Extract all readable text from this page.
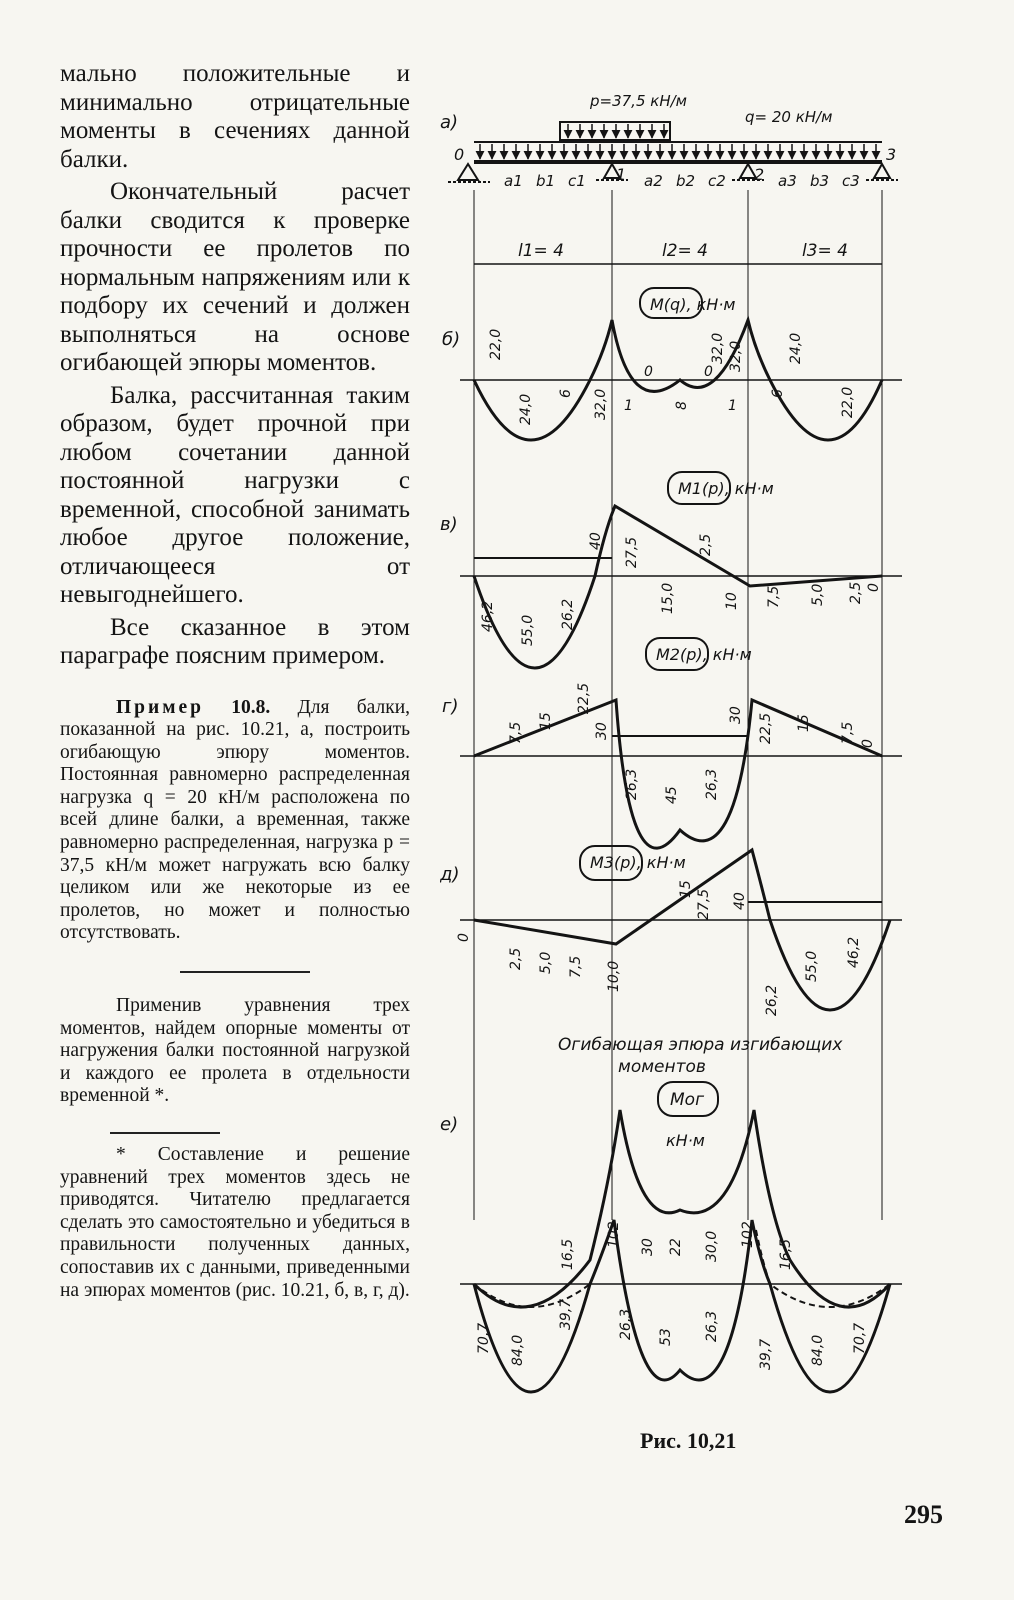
мально положительные и минимально отрицательные моменты в сечениях данной балки.

Окончательный расчет балки сводится к проверке прочности ее пролетов по нормальным напряжениям или к подбору их сечений и должен выполняться на основе огибающей эпюры моментов.

Балка, рассчитанная таким образом, будет прочной при любом сочетании данной постоянной нагрузки с временной, способной занимать любое другое положение, отличающееся от невыгоднейшего.

Все сказанное в этом параграфе поясним примером.

Пример 10.8. Для балки, показанной на рис. 10.21, а, построить огибающую эпюру моментов. Постоянная равномерно распределенная нагрузка q = 20 кН/м расположена по всей длине балки, а временная, также равномерно распределенная, нагрузка p = 37,5 кН/м может нагружать всю балку целиком или же некоторые из ее пролетов, но может и полностью отсутствовать.

Применив уравнения трех моментов, найдем опорные моменты от нагружения балки постоянной нагрузкой и каждого ее пролета в отдельности временной *.

* Составление и решение уравнений трех моментов здесь не приводятся. Читателю предлагается сделать это самостоятельно и убедиться в правильности полученных данных, сопоставив их с данными, приведенными на эпюрах моментов (рис. 10.21, б, в, г, д).

а)
p=37,5 кН/м
q= 20 кН/м
0
1	2
3
a1 b1 c1	a2 b2 c2	a3 b3 c3
l1= 4	l2= 4	l3= 4
б)
M(q), кН·м
22,0
24,0
6 32,0
0
32,0
1	8	1
0 32,0	24,0
6	22,0
в)
M1(p), кН·м
40 27,5	2,5
46,2 55,0
26,2
15,0	10 7,5 5,0 2,5 0
г)
M2(p), кН·м
7,5
15
22,5
30
30 22,5 15 7,5 0
26,3 45 26,3
д)
M3(p), кН·м
0
2,5 5,0 7,5 10,0
15 27,5 40
26,2
55,0 46,2
Огибающая эпюра изгибающих
моментов
Mог
кН·м
е)
102	102
16,5	16,5
39,7
30 22 30,0
70,7 84,0
26,3 53 26,3
39,7	84,0 70,7
Рис. 10,21
295
